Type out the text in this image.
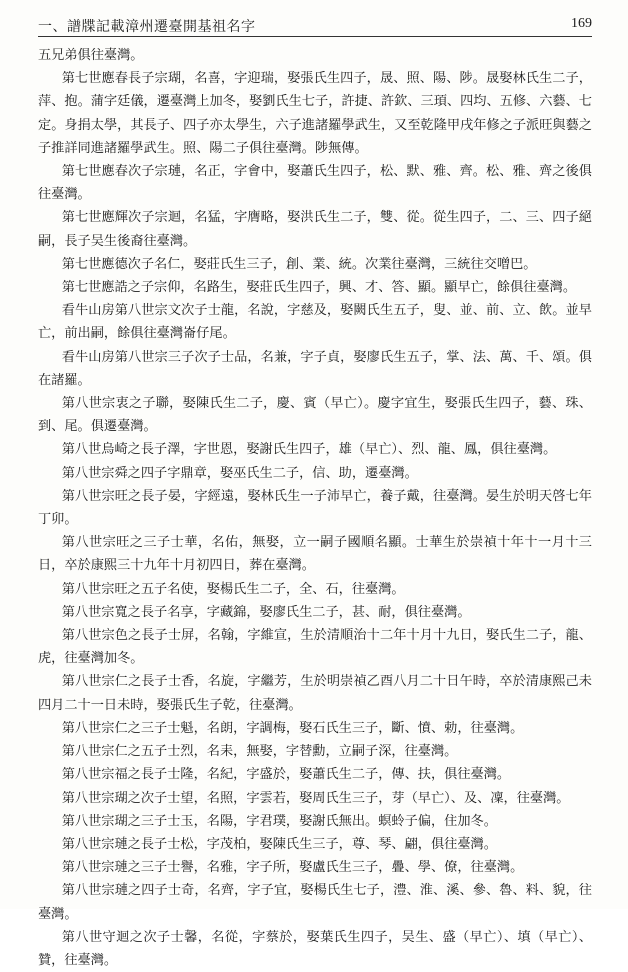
一、譜牒記載漳州遷臺開基祖名字	169

五兄弟俱往臺灣。

第七世應春長子宗瑚，名喜，字迎瑞，娶張氏生四子，晟、照、陽、陟。晟娶林氏生二子，萍、抱。蒲字廷儀，遷臺灣上加冬，娶劉氏生七子，許捷、許欽、三頊、四均、五修、六藝、七定。身捐太學，其長子、四子亦太學生，六子進諸羅學武生，又至乾隆甲戌年修之子派旺與藝之子推詳同進諸羅學武生。照、陽二子俱往臺灣。陟無傳。

第七世應春次子宗璉，名正，字會中，娶蕭氏生四子，松、默、雅、齊。松、雅、齊之後俱往臺灣。

第七世應輝次子宗迴，名猛，字膺略，娶洪氏生二子，雙、從。從生四子，二、三、四子絕嗣，長子吴生後裔往臺灣。

第七世應德次子名仁，娶莊氏生三子，創、業、統。次業往臺灣，三統往交噌巴。

第七世應誥之子宗仰，名路生，娶莊氏生四子，興、才、答、顯。顯早亡，餘俱往臺灣。

看牛山房第八世宗文次子士龍，名說，字慈及，娶闕氏生五子，叟、並、前、立、飲。並早亡，前出嗣，餘俱往臺灣崙仔尾。

看牛山房第八世宗三子次子士品，名兼，字子貞，娶廖氏生五子，掌、法、萬、千、頌。俱在諸羅。

第八世宗衷之子聯，娶陳氏生二子，慶、賓（早亡）。慶字宜生，娶張氏生四子，藝、珠、到、尾。俱遷臺灣。

第八世烏崎之長子澤，字世恩，娶謝氏生四子，雄（早亡）、烈、龍、鳳，俱往臺灣。

第八世宗舜之四子字鼎章，娶巫氏生二子，信、助，遷臺灣。

第八世宗旺之長子晏，字經遠，娶林氏生一子沛早亡，養子戴，往臺灣。晏生於明天啓七年丁卯。

第八世宗旺之三子士華，名佑，無娶，立一嗣子國順名顯。士華生於崇禎十年十一月十三日，卒於康熙三十九年十月初四日，葬在臺灣。

第八世宗旺之五子名使，娶楊氏生二子，全、石，往臺灣。

第八世宗寬之長子名享，字藏錦，娶廖氏生二子，甚、耐，俱往臺灣。

第八世宗色之長子士屏，名翰，字維宣，生於清順治十二年十月十九日，娶氏生二子，龍、虎，往臺灣加冬。

第八世宗仁之長子士香，名旋，字繼芳，生於明崇禎乙酉八月二十日午時，卒於清康熙己未四月二十一日未時，娶張氏生子乾，往臺灣。

第八世宗仁之三子士魁，名朗，字調梅，娶石氏生三子，斷、憤、勅，往臺灣。

第八世宗仁之五子士烈，名耒，無娶，字替勳，立嗣子深，往臺灣。

第八世宗福之長子士隆，名紀，字盛於，娶蕭氏生二子，傳、扶，俱往臺灣。

第八世宗瑚之次子士望，名照，字雲若，娶周氏生三子，芽（早亡）、及、凜，往臺灣。

第八世宗瑚之三子士玉，名陽，字君璞，娶謝氏無出。螟蛉子偏，住加冬。

第八世宗璉之長子士松，字茂柏，娶陳氏生三子，尊、琴、翩，俱往臺灣。

第八世宗璉之三子士譽，名雅，字子所，娶盧氏生三子，疊、學、僚，往臺灣。

第八世宗璉之四子士奇，名齊，字子宜，娶楊氏生七子，澧、淮、溪、參、魯、料、貌，往臺灣。

第八世守迴之次子士馨，名從，字蔡於，娶葉氏生四子，吴生、盛（早亡）、填（早亡）、贊，往臺灣。
